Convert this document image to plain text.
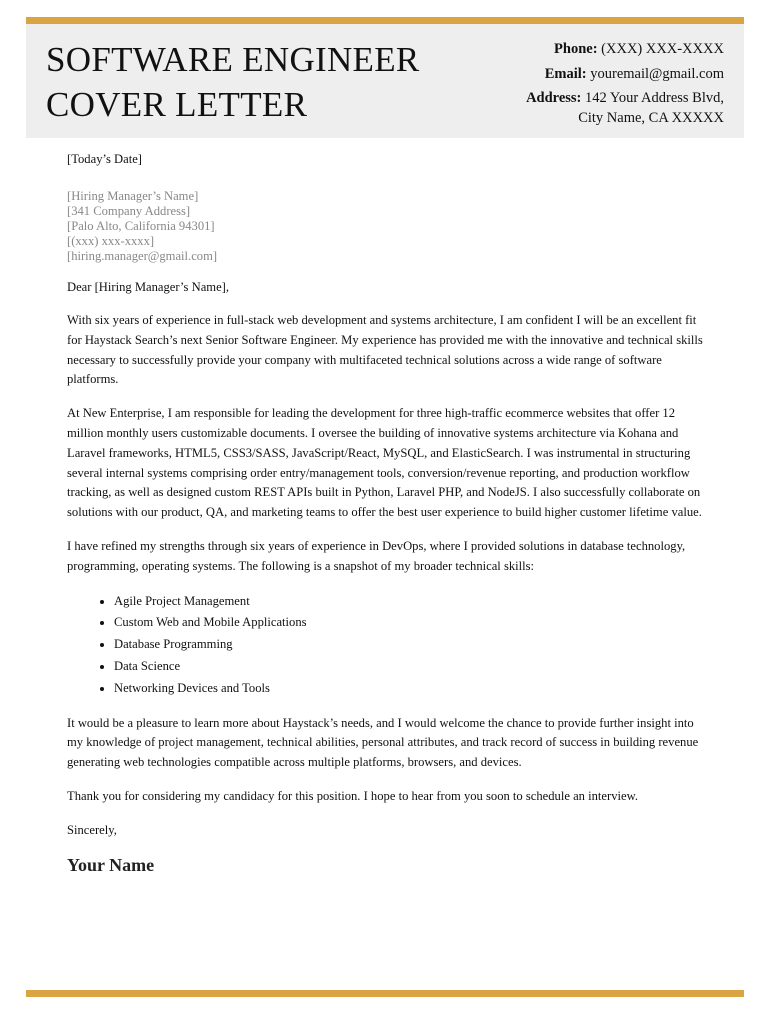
SOFTWARE ENGINEER
COVER LETTER
Phone: (XXX) XXX-XXXX
Email: youremail@gmail.com
Address: 142 Your Address Blvd,
City Name, CA XXXXX
[Today’s Date]
[Hiring Manager’s Name]
[341 Company Address]
[Palo Alto, California 94301]
[(xxx) xxx-xxxx]
[hiring.manager@gmail.com]
Dear [Hiring Manager’s Name],

With six years of experience in full-stack web development and systems architecture, I am confident I will be an excellent fit for Haystack Search’s next Senior Software Engineer. My experience has provided me with the innovative and technical skills necessary to successfully provide your company with multifaceted technical solutions across a wide range of software platforms.

At New Enterprise, I am responsible for leading the development for three high-traffic ecommerce websites that offer 12 million monthly users customizable documents. I oversee the building of innovative systems architecture via Kohana and Laravel frameworks, HTML5, CSS3/SASS, JavaScript/React, MySQL, and ElasticSearch. I was instrumental in structuring several internal systems comprising order entry/management tools, conversion/revenue reporting, and production workflow tracking, as well as designed custom REST APIs built in Python, Laravel PHP, and NodeJS. I also successfully collaborate on solutions with our product, QA, and marketing teams to offer the best user experience to build higher customer lifetime value.

I have refined my strengths through six years of experience in DevOps, where I provided solutions in database technology, programming, operating systems. The following is a snapshot of my broader technical skills:

• Agile Project Management
• Custom Web and Mobile Applications
• Database Programming
• Data Science
• Networking Devices and Tools

It would be a pleasure to learn more about Haystack’s needs, and I would welcome the chance to provide further insight into my knowledge of project management, technical abilities, personal attributes, and track record of success in building revenue generating web technologies compatible across multiple platforms, browsers, and devices.

Thank you for considering my candidacy for this position. I hope to hear from you soon to schedule an interview.

Sincerely,
Your Name
